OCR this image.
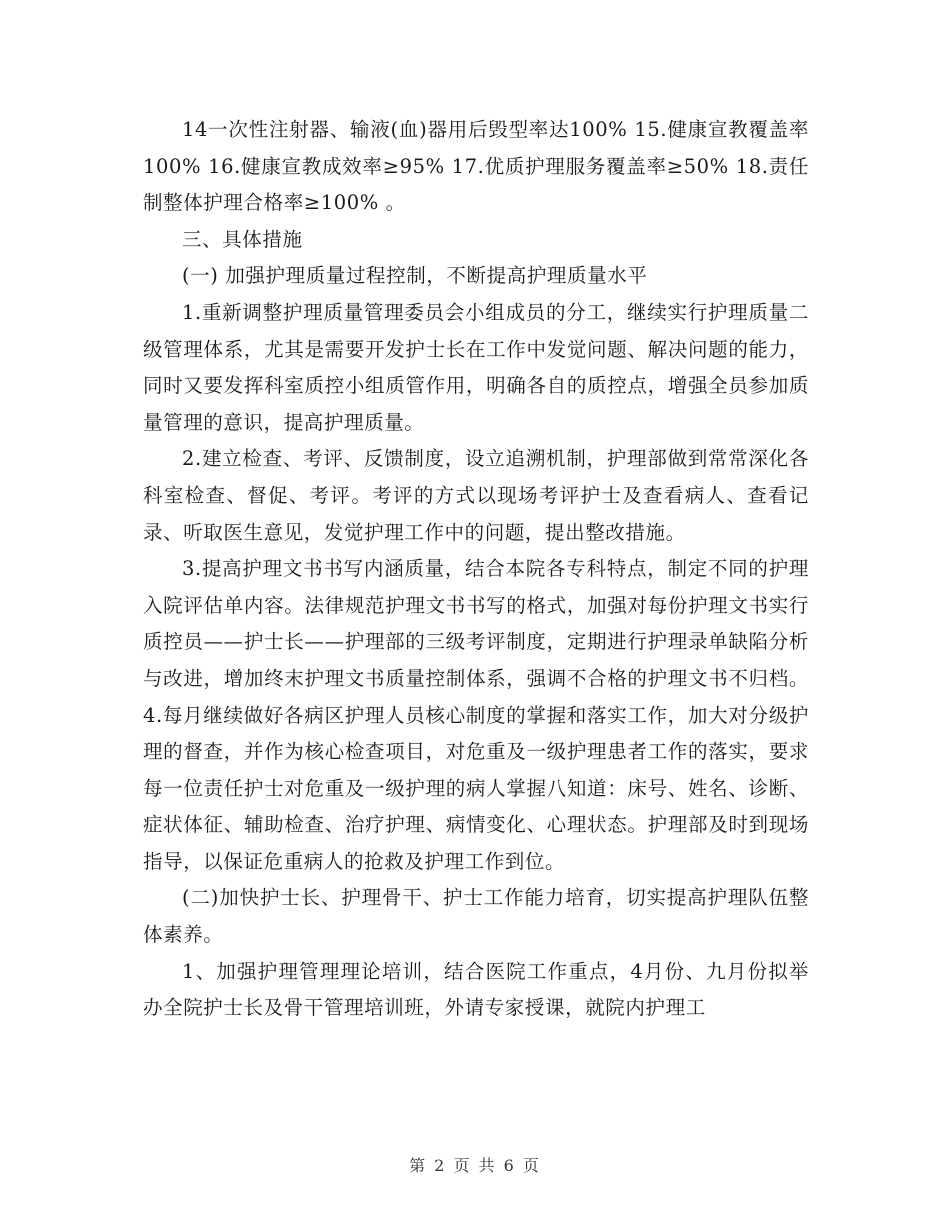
14一次性注射器、输液(血)器用后毁型率达100% 15.健康宣教覆盖率100% 16.健康宣教成效率≥95% 17.优质护理服务覆盖率≥50% 18.责任制整体护理合格率≥100% 。

三、具体措施

(一) 加强护理质量过程控制，不断提高护理质量水平

1.重新调整护理质量管理委员会小组成员的分工，继续实行护理质量二级管理体系，尤其是需要开发护士长在工作中发觉问题、解决问题的能力，同时又要发挥科室质控小组质管作用，明确各自的质控点，增强全员参加质量管理的意识，提高护理质量。

2.建立检查、考评、反馈制度，设立追溯机制，护理部做到常常深化各科室检查、督促、考评。考评的方式以现场考评护士及查看病人、查看记录、听取医生意见，发觉护理工作中的问题，提出整改措施。

3.提高护理文书书写内涵质量，结合本院各专科特点，制定不同的护理入院评估单内容。法律规范护理文书书写的格式，加强对每份护理文书实行质控员——护士长——护理部的三级考评制度，定期进行护理录单缺陷分析与改进，增加终末护理文书质量控制体系，强调不合格的护理文书不归档。 4.每月继续做好各病区护理人员核心制度的掌握和落实工作，加大对分级护理的督查，并作为核心检查项目，对危重及一级护理患者工作的落实，要求每一位责任护士对危重及一级护理的病人掌握八知道：床号、姓名、诊断、症状体征、辅助检查、治疗护理、病情变化、心理状态。护理部及时到现场指导，以保证危重病人的抢救及护理工作到位。

(二)加快护士长、护理骨干、护士工作能力培育，切实提高护理队伍整体素养。

1、加强护理管理理论培训，结合医院工作重点，4月份、九月份拟举办全院护士长及骨干管理培训班，外请专家授课，就院内护理工

第 2 页 共 6 页
